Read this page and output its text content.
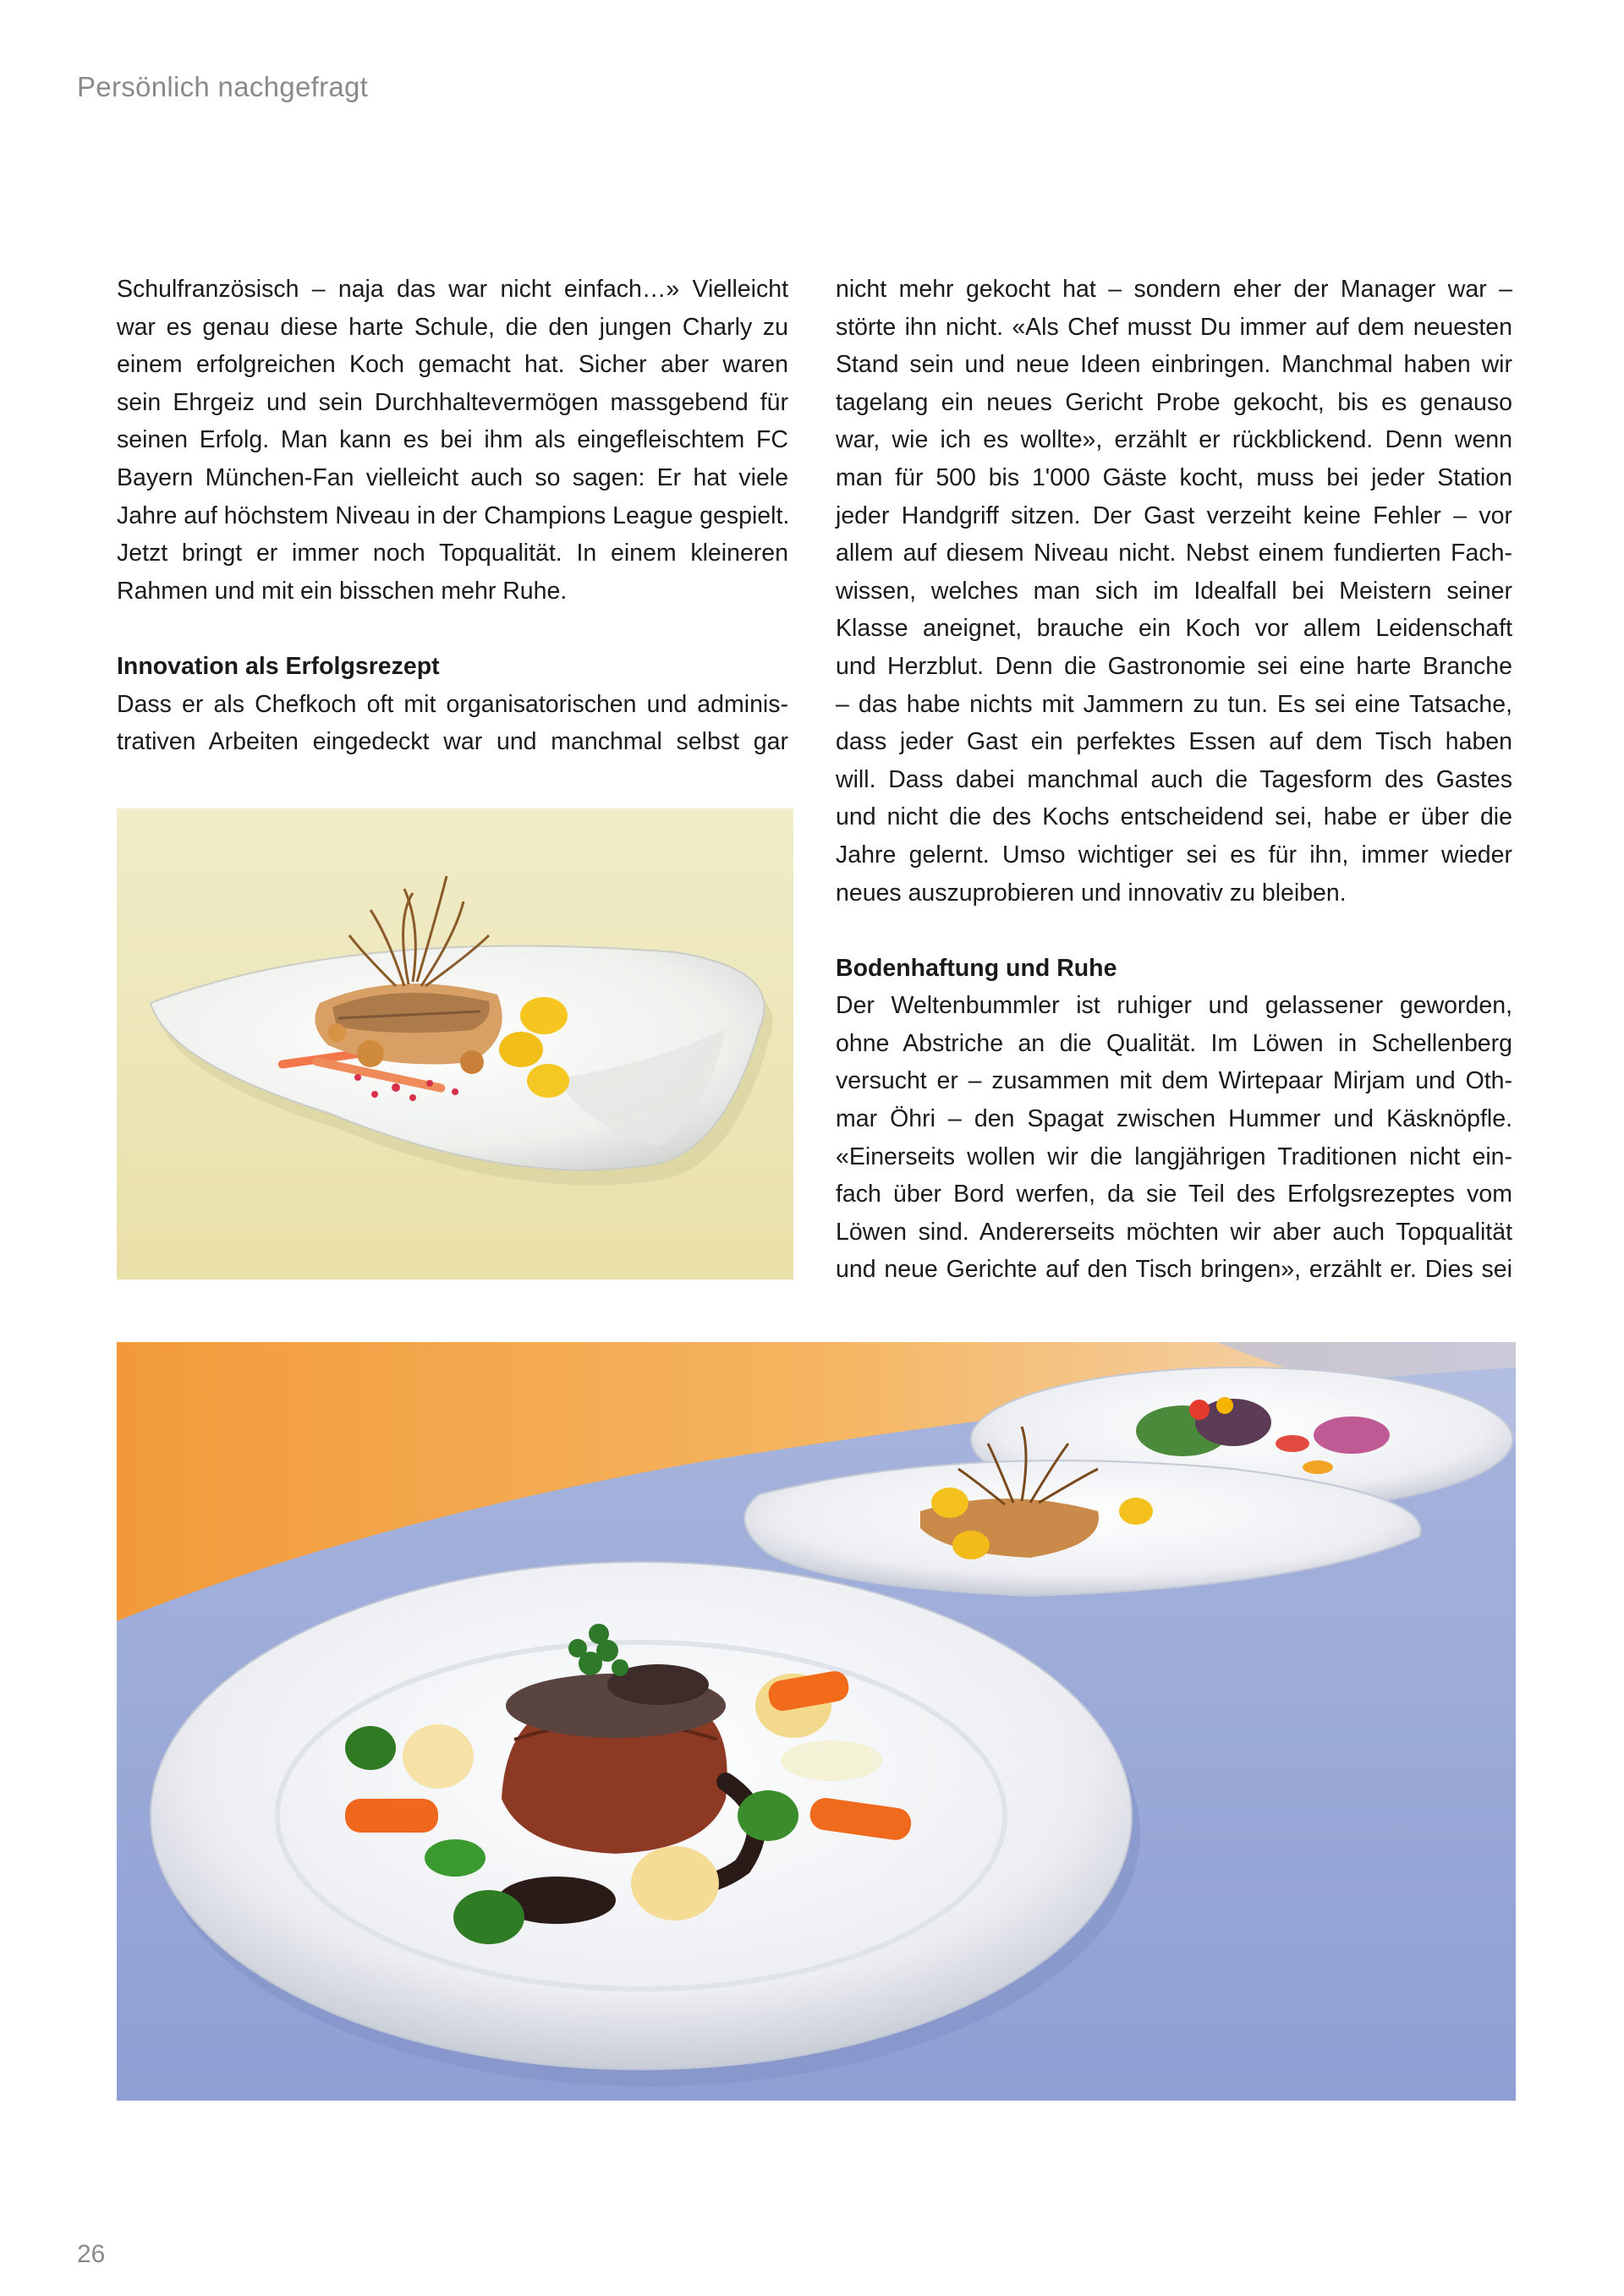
Persönlich nachgefragt
Schulfranzösisch – naja das war nicht einfach…» Vielleicht
war es genau diese harte Schule, die den jungen Charly zu
einem erfolgreichen Koch gemacht hat. Sicher aber waren
sein Ehrgeiz und sein Durchhaltevermögen massgebend für
seinen Erfolg. Man kann es bei ihm als eingefleischtem FC
Bayern München-Fan vielleicht auch so sagen: Er hat viele
Jahre auf höchstem Niveau in der Champions League gespielt.
Jetzt bringt er immer noch Topqualität. In einem kleineren
Rahmen und mit ein bisschen mehr Ruhe.
Innovation als Erfolgsrezept
Dass er als Chefkoch oft mit organisatorischen und adminis-
trativen Arbeiten eingedeckt war und manchmal selbst gar
nicht mehr gekocht hat – sondern eher der Manager war –
störte ihn nicht. «Als Chef musst Du immer auf dem neuesten
Stand sein und neue Ideen einbringen. Manchmal haben wir
tagelang ein neues Gericht Probe gekocht, bis es genauso
war, wie ich es wollte», erzählt er rückblickend. Denn wenn
man für 500 bis 1'000 Gäste kocht, muss bei jeder Station
jeder Handgriff sitzen. Der Gast verzeiht keine Fehler – vor
allem auf diesem Niveau nicht. Nebst einem fundierten Fach-
wissen, welches man sich im Idealfall bei Meistern seiner
Klasse aneignet, brauche ein Koch vor allem Leidenschaft
und Herzblut. Denn die Gastronomie sei eine harte Branche
– das habe nichts mit Jammern zu tun. Es sei eine Tatsache,
dass jeder Gast ein perfektes Essen auf dem Tisch haben
will. Dass dabei manchmal auch die Tagesform des Gastes
und nicht die des Kochs entscheidend sei, habe er über die
Jahre gelernt. Umso wichtiger sei es für ihn, immer wieder
neues auszuprobieren und innovativ zu bleiben.
Bodenhaftung und Ruhe
Der Weltenbummler ist ruhiger und gelassener geworden,
ohne Abstriche an die Qualität. Im Löwen in Schellenberg
versucht er – zusammen mit dem Wirtepaar Mirjam und Oth-
mar Öhri – den Spagat zwischen Hummer und Käsknöpfle.
«Einerseits wollen wir die langjährigen Traditionen nicht ein-
fach über Bord werfen, da sie Teil des Erfolgsrezeptes vom
Löwen sind. Andererseits möchten wir aber auch Topqualität
und neue Gerichte auf den Tisch bringen», erzählt er. Dies sei
26
